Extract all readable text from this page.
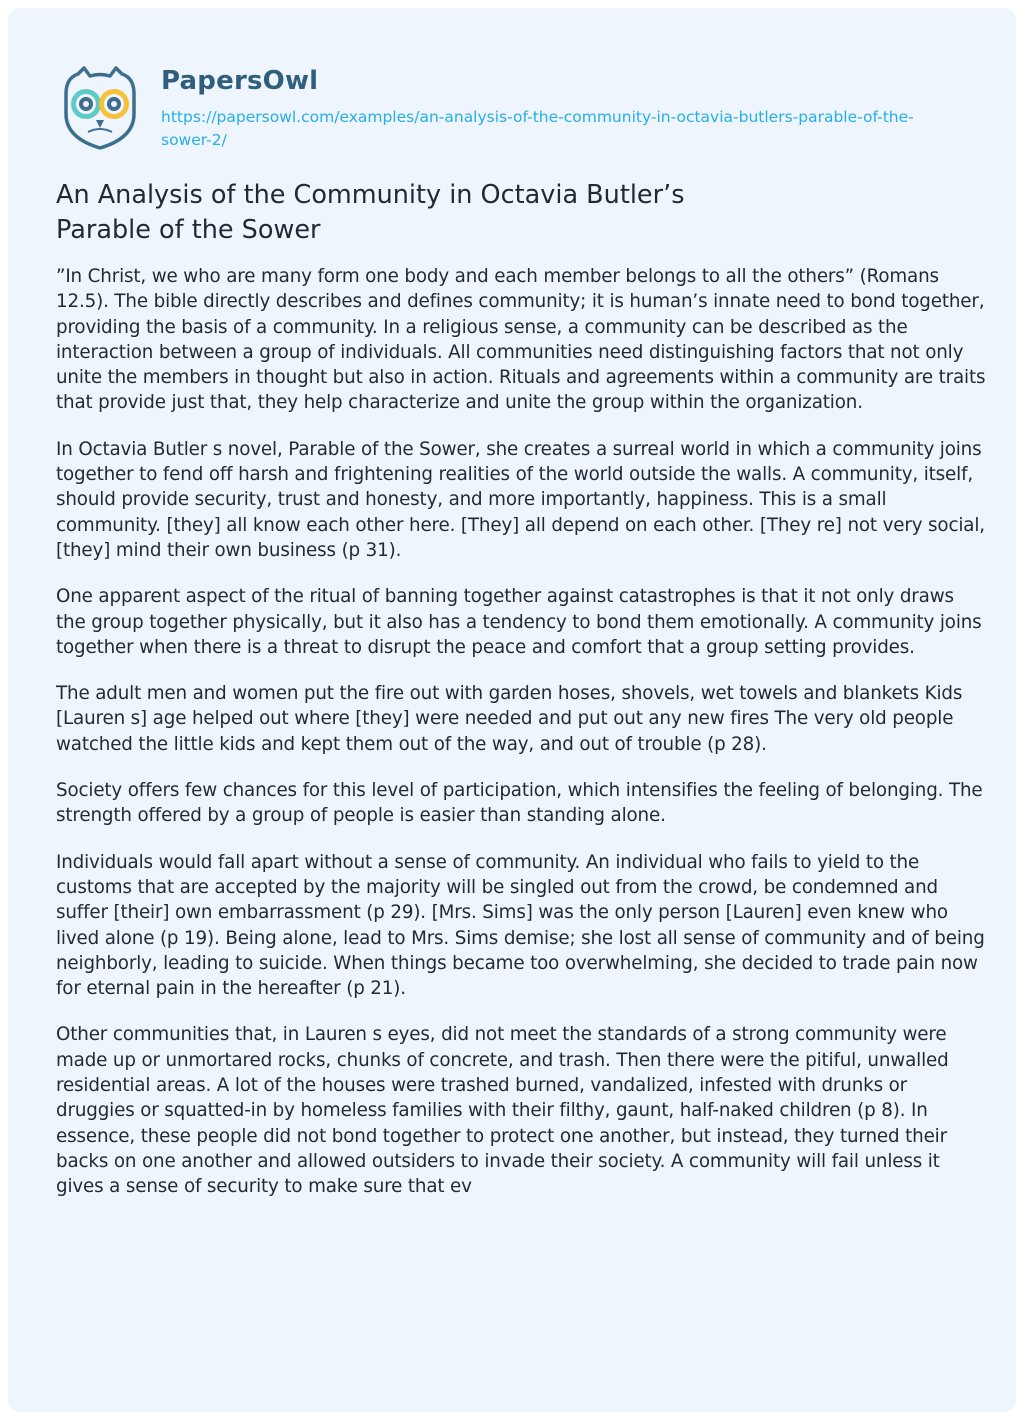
PapersOwl
https://papersowl.com/examples/an-analysis-of-the-community-in-octavia-butlers-parable-of-the-sower-2/
An Analysis of the Community in Octavia Butler’s Parable of the Sower

”In Christ, we who are many form one body and each member belongs to all the others” (Romans 12.5). The bible directly describes and defines community; it is human’s innate need to bond together, providing the basis of a community. In a religious sense, a community can be described as the interaction between a group of individuals. All communities need distinguishing factors that not only unite the members in thought but also in action. Rituals and agreements within a community are traits that provide just that, they help characterize and unite the group within the organization.

In Octavia Butler s novel, Parable of the Sower, she creates a surreal world in which a community joins together to fend off harsh and frightening realities of the world outside the walls. A community, itself, should provide security, trust and honesty, and more importantly, happiness. This is a small community. [they] all know each other here. [They] all depend on each other. [They re] not very social, [they] mind their own business (p 31).

One apparent aspect of the ritual of banning together against catastrophes is that it not only draws the group together physically, but it also has a tendency to bond them emotionally. A community joins together when there is a threat to disrupt the peace and comfort that a group setting provides.

The adult men and women put the fire out with garden hoses, shovels, wet towels and blankets Kids [Lauren s] age helped out where [they] were needed and put out any new fires The very old people watched the little kids and kept them out of the way, and out of trouble (p 28).

Society offers few chances for this level of participation, which intensifies the feeling of belonging. The strength offered by a group of people is easier than standing alone.

Individuals would fall apart without a sense of community. An individual who fails to yield to the customs that are accepted by the majority will be singled out from the crowd, be condemned and suffer [their] own embarrassment (p 29). [Mrs. Sims] was the only person [Lauren] even knew who lived alone (p 19). Being alone, lead to Mrs. Sims demise; she lost all sense of community and of being neighborly, leading to suicide. When things became too overwhelming, she decided to trade pain now for eternal pain in the hereafter (p 21).

Other communities that, in Lauren s eyes, did not meet the standards of a strong community were made up or unmortared rocks, chunks of concrete, and trash. Then there were the pitiful, unwalled residential areas. A lot of the houses were trashed burned, vandalized, infested with drunks or druggies or squatted-in by homeless families with their filthy, gaunt, half-naked children (p 8). In essence, these people did not bond together to protect one another, but instead, they turned their backs on one another and allowed outsiders to invade their society. A community will fail unless it gives a sense of security to make sure that ev
